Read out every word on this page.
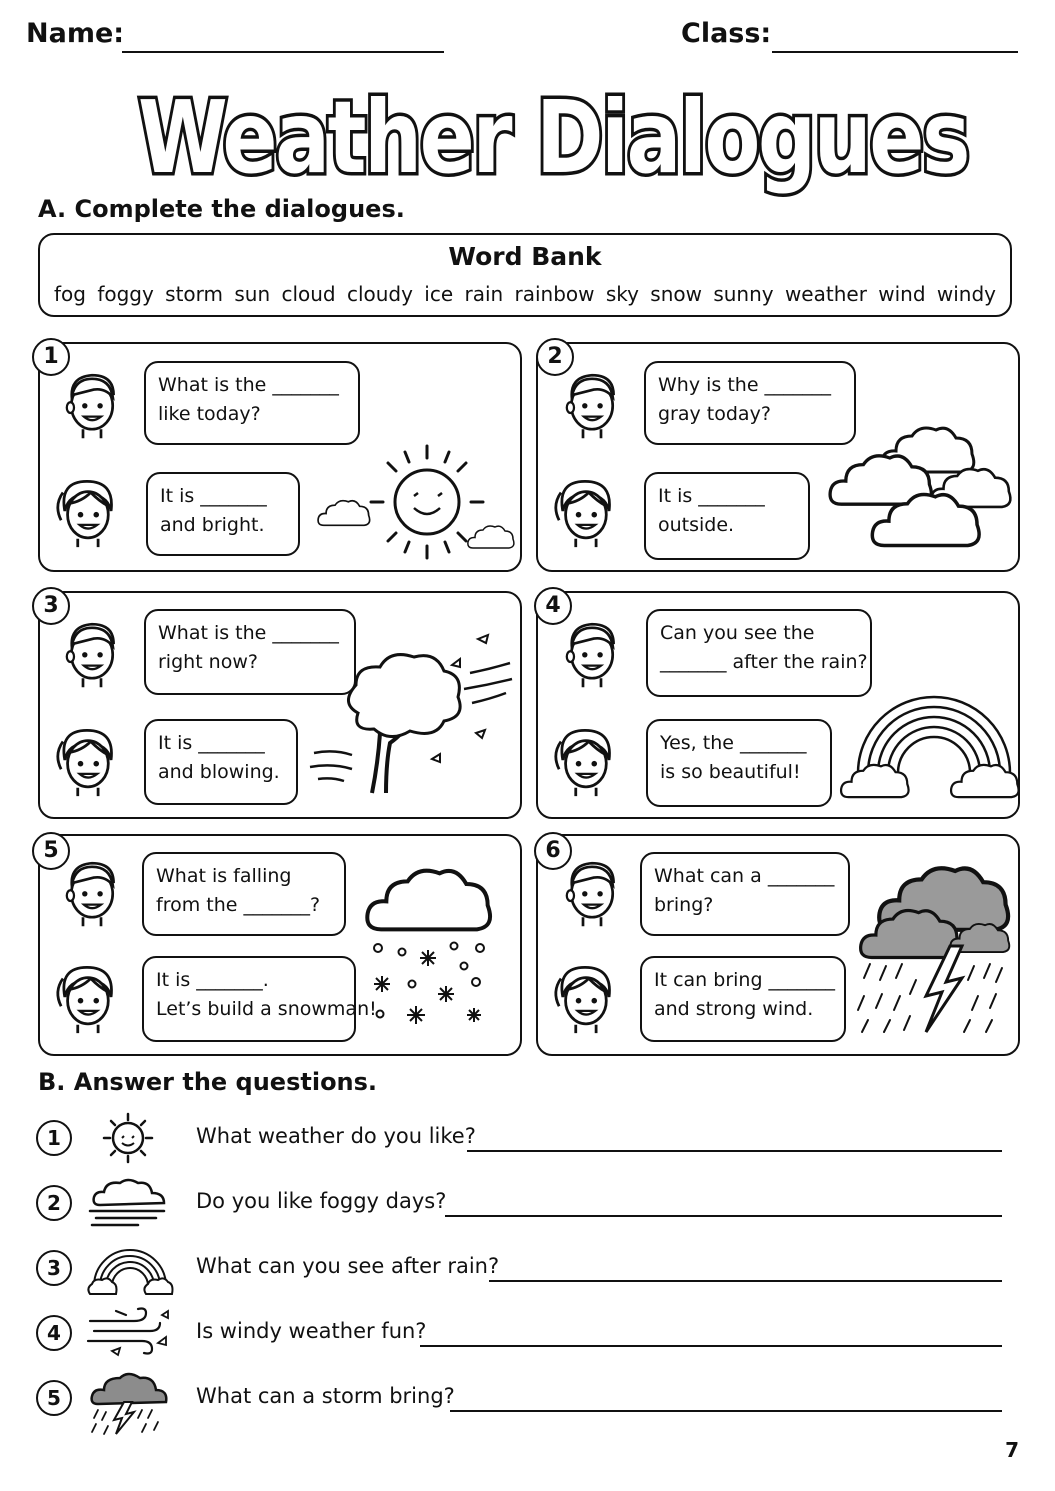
Name:	Class:
Weather Dialogues
A. Complete the dialogues.
Word Bank
fog foggy storm sun cloud cloudy ice rain rainbow sky snow sunny weather wind windy
What is the _______
like today?
It is _______
and bright.
1
Why is the _______
gray today?
It is _______
outside.
2
What is the _______
right now?
It is _______
and blowing.
3
Can you see the
_______ after the rain?
Yes, the _______
is so beautiful!
4
What is falling
from the _______?
It is _______.
Let’s build a snowman!
5
What can a _______
bring?
It can bring _______
and strong wind.
6
B. Answer the questions.
1	What weather do you like?
2	Do you like foggy days?
3	What can you see after rain?
4	Is windy weather fun?
5	What can a storm bring?
7
